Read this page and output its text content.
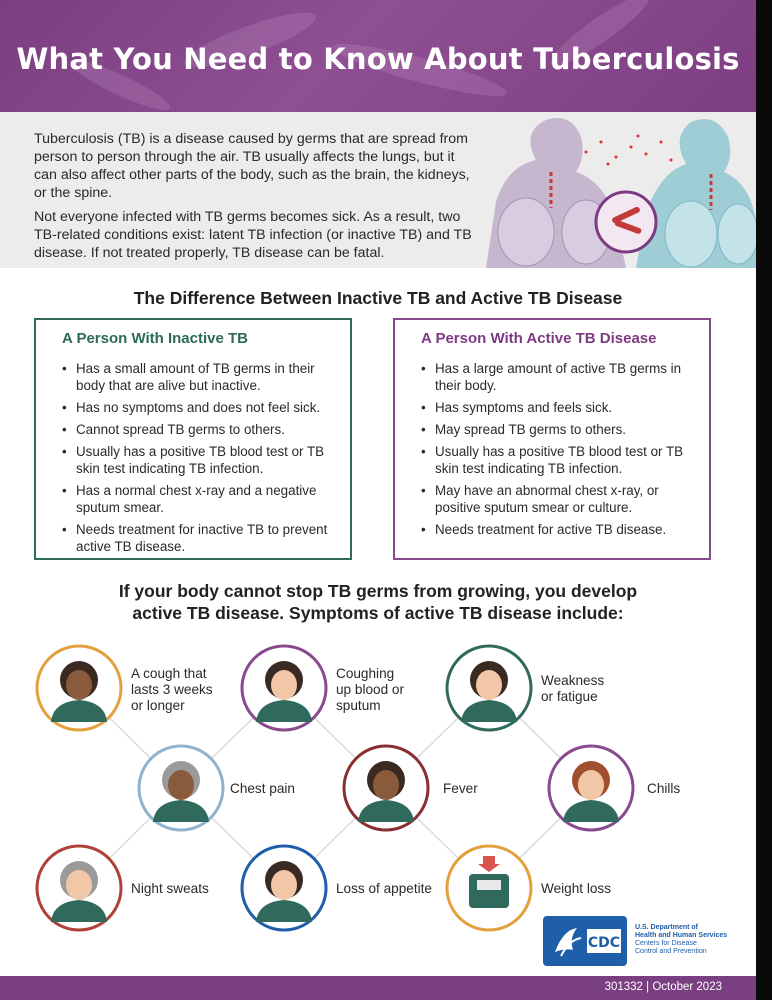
What You Need to Know About Tuberculosis

Tuberculosis (TB) is a disease caused by germs that are spread from person to person through the air. TB usually affects the lungs, but it can also affect other parts of the body, such as the brain, the kidneys, or the spine.

Not everyone infected with TB germs becomes sick. As a result, two TB-related conditions exist: latent TB infection (or inactive TB) and TB disease. If not treated properly, TB disease can be fatal.

The Difference Between Inactive TB and Active TB Disease
A Person With Inactive TB
• Has a small amount of TB germs in their body that are alive but inactive.
• Has no symptoms and does not feel sick.
• Cannot spread TB germs to others.
• Usually has a positive TB blood test or TB skin test indicating TB infection.
• Has a normal chest x-ray and a negative sputum smear.
• Needs treatment for inactive TB to prevent active TB disease.
A Person With Active TB Disease
• Has a large amount of active TB germs in their body.
• Has symptoms and feels sick.
• May spread TB germs to others.
• Usually has a positive TB blood test or TB skin test indicating TB infection.
• May have an abnormal chest x-ray, or positive sputum smear or culture.
• Needs treatment for active TB disease.
If your body cannot stop TB germs from growing, you develop
active TB disease. Symptoms of active TB disease include:
A cough that
lasts 3 weeks
or longer
Coughing
up blood or
sputum
Weakness
or fatigue
Chest pain	Fever	Chills
Night sweats	Loss of appetite	Weight loss
CDC
U.S. Department of
Health and Human Services
Centers for Disease
Control and Prevention
301332 | October 2023
